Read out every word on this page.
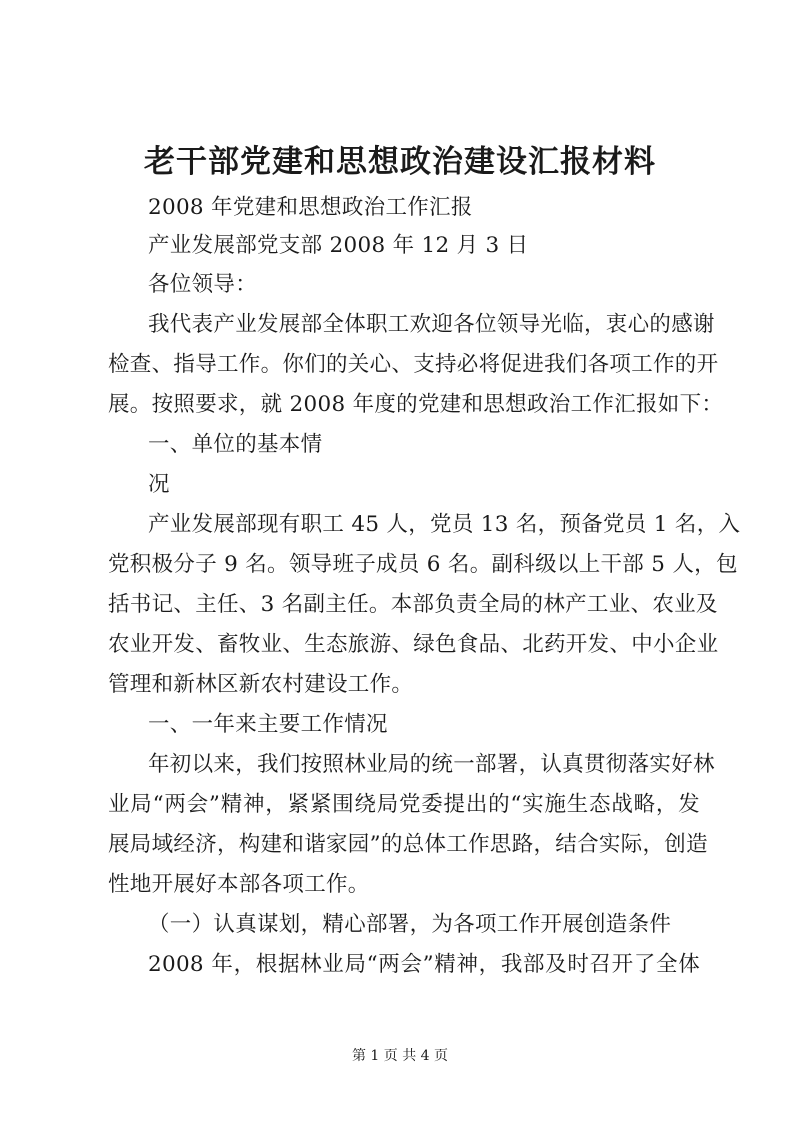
老干部党建和思想政治建设汇报材料
2008 年党建和思想政治工作汇报
产业发展部党支部 2008 年 12 月 3 日
各位领导：
我代表产业发展部全体职工欢迎各位领导光临，衷心的感谢
检查、指导工作。你们的关心、支持必将促进我们各项工作的开
展。按照要求，就 2008 年度的党建和思想政治工作汇报如下：
一、单位的基本情
况
产业发展部现有职工 45 人，党员 13 名，预备党员 1 名，入
党积极分子 9 名。领导班子成员 6 名。副科级以上干部 5 人，包
括书记、主任、3 名副主任。本部负责全局的林产工业、农业及
农业开发、畜牧业、生态旅游、绿色食品、北药开发、中小企业
管理和新林区新农村建设工作。
一、一年来主要工作情况
年初以来，我们按照林业局的统一部署，认真贯彻落实好林
业局“两会”精神，紧紧围绕局党委提出的“实施生态战略，发
展局域经济，构建和谐家园”的总体工作思路，结合实际，创造
性地开展好本部各项工作。
（一）认真谋划，精心部署，为各项工作开展创造条件
2008 年，根据林业局“两会”精神，我部及时召开了全体
第 1 页 共 4 页
